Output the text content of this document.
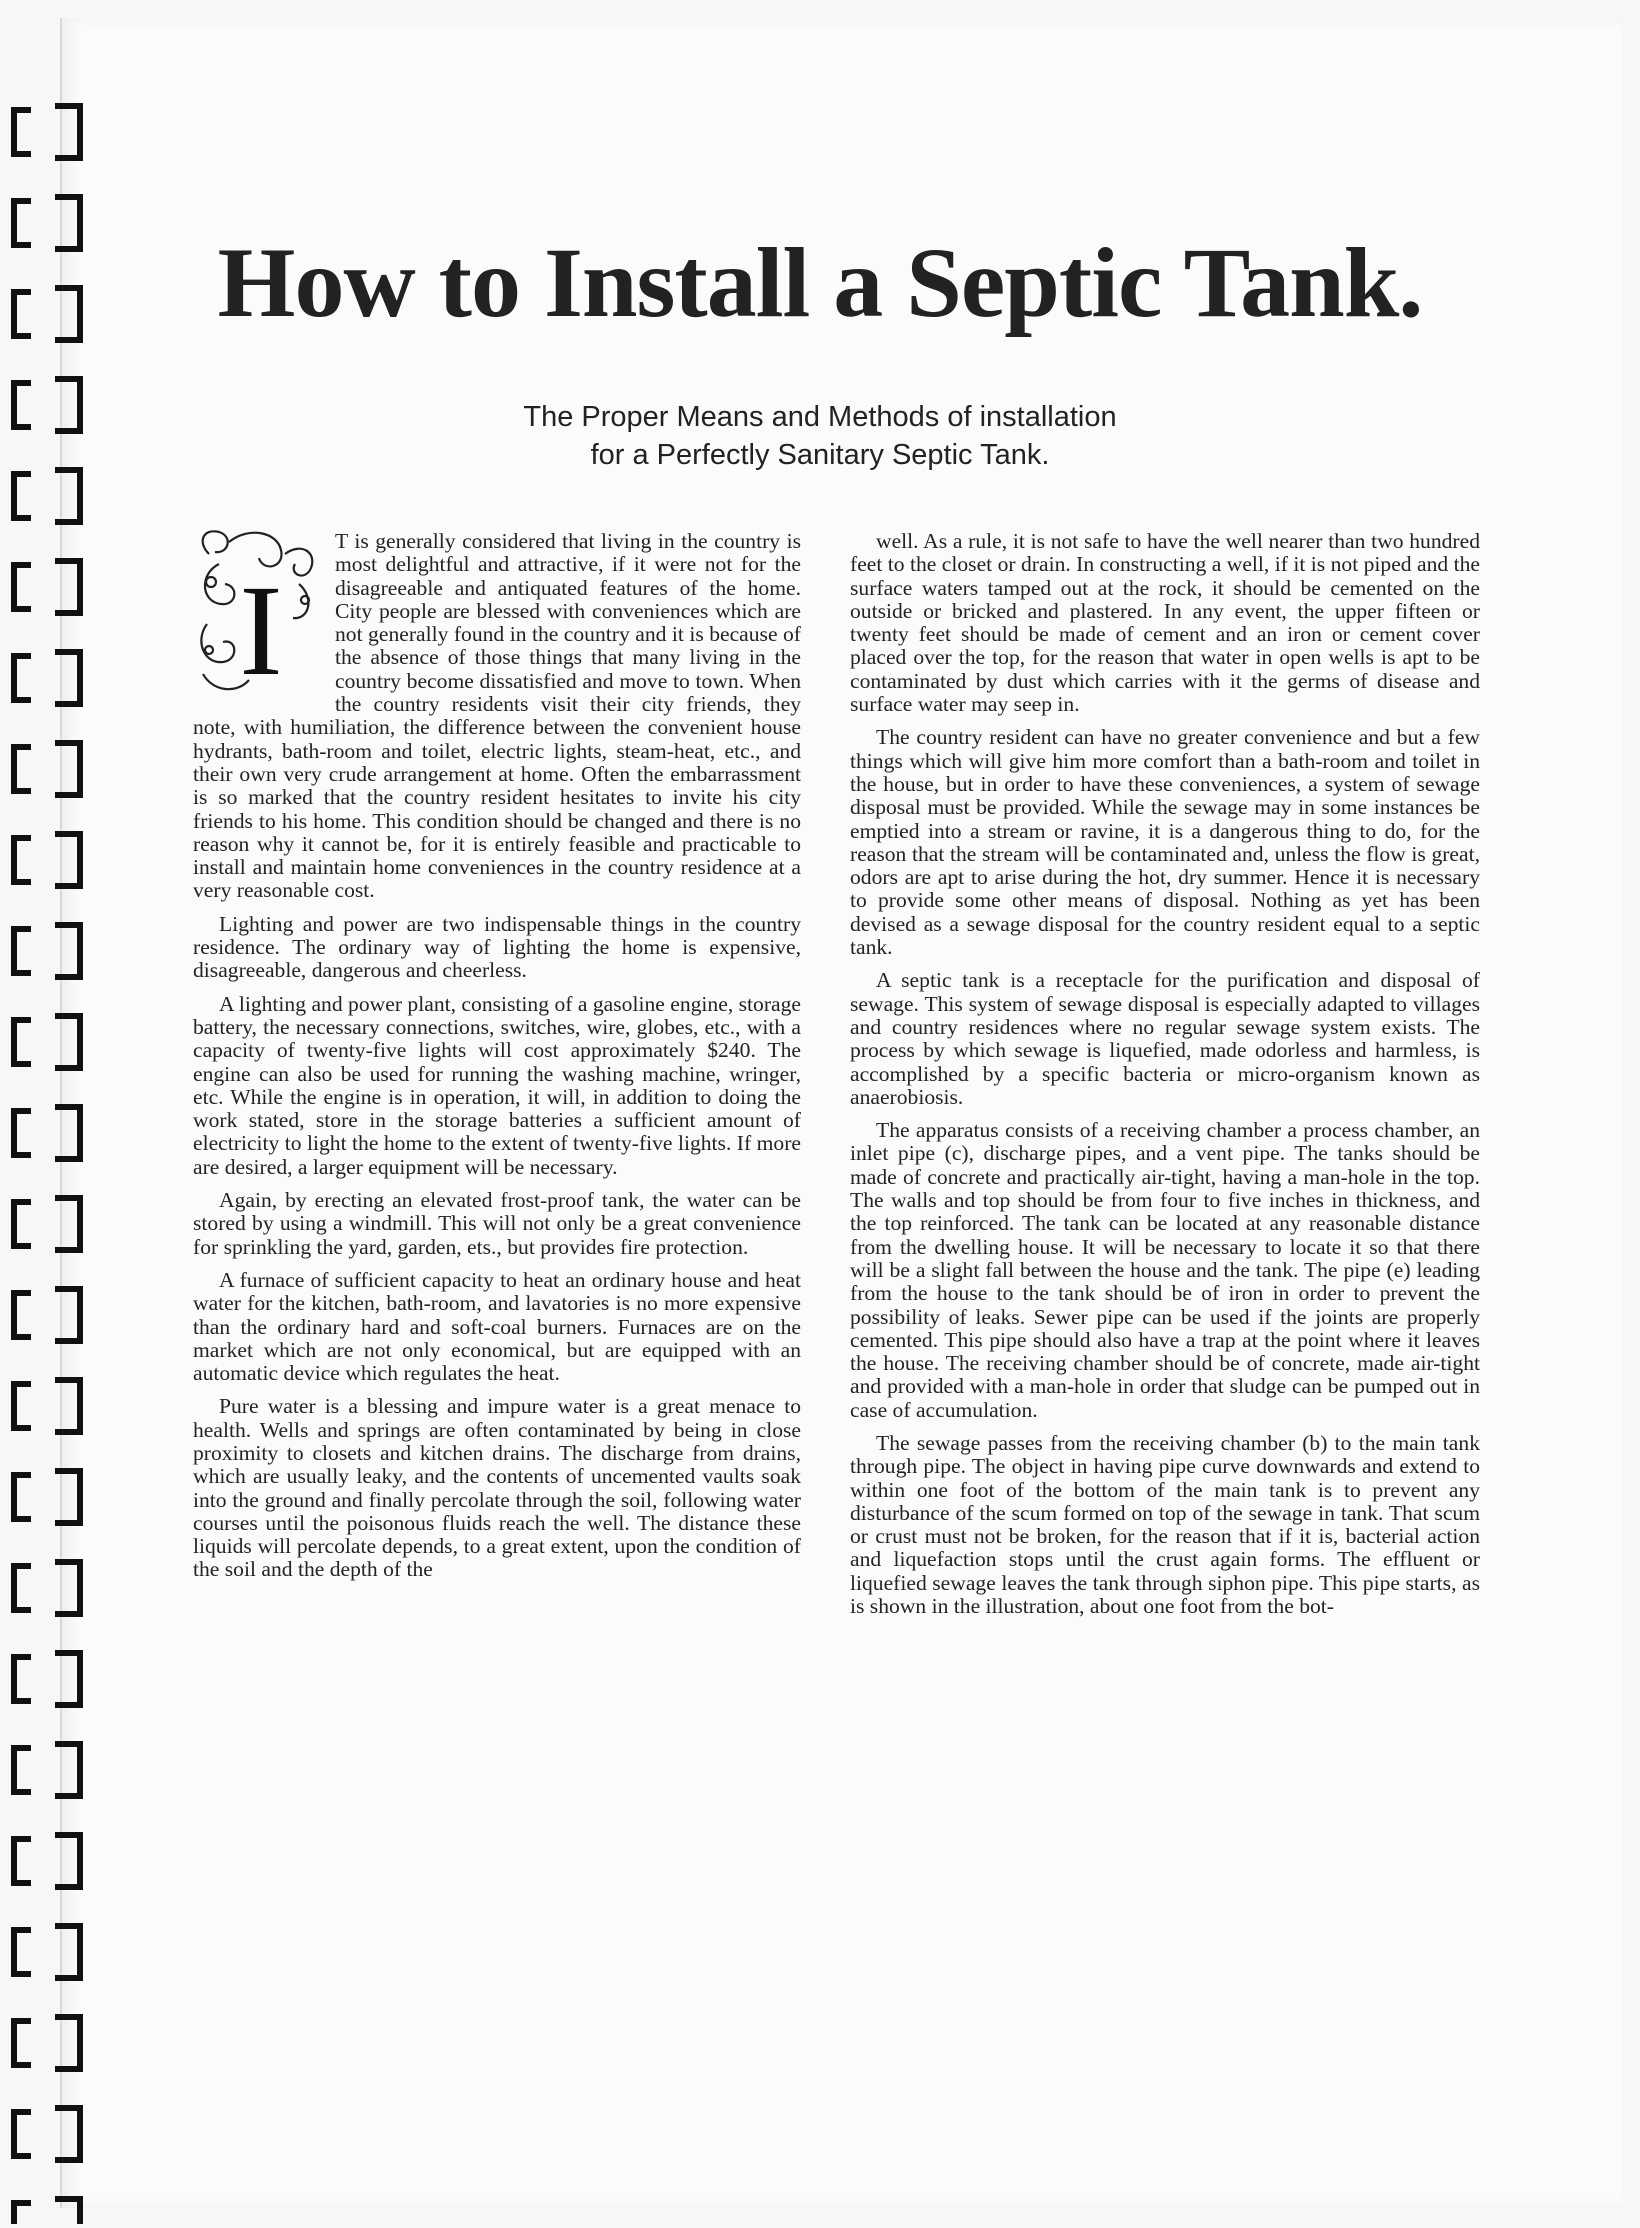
How to Install a Septic Tank.
The Proper Means and Methods of installation
for a Perfectly Sanitary Septic Tank.
I

T is generally considered that living in the country is most delightful and attractive, if it were not for the disagreeable and antiquated features of the home. City people are blessed with conveniences which are not generally found in the country and it is because of the absence of those things that many living in the country become dissatisfied and move to town. When the country residents visit their city friends, they note, with humiliation, the difference between the convenient house hydrants, bath-room and toilet, electric lights, steam-heat, etc., and their own very crude arrangement at home. Often the embarrassment is so marked that the country resident hesitates to invite his city friends to his home. This condition should be changed and there is no reason why it cannot be, for it is entirely feasible and practicable to install and maintain home conveniences in the country residence at a very reasonable cost.

Lighting and power are two indispensable things in the country residence. The ordinary way of lighting the home is expensive, disagreeable, dangerous and cheerless.

A lighting and power plant, consisting of a gasoline engine, storage battery, the necessary connections, switches, wire, globes, etc., with a capacity of twenty-five lights will cost approximately $240. The engine can also be used for running the washing machine, wringer, etc. While the engine is in operation, it will, in addition to doing the work stated, store in the storage batteries a sufficient amount of electricity to light the home to the extent of twenty-five lights. If more are desired, a larger equipment will be necessary.

Again, by erecting an elevated frost-proof tank, the water can be stored by using a windmill. This will not only be a great convenience for sprinkling the yard, garden, ets., but provides fire protection.

A furnace of sufficient capacity to heat an ordinary house and heat water for the kitchen, bath-room, and lavatories is no more expensive than the ordinary hard and soft-coal burners. Furnaces are on the market which are not only economical, but are equipped with an automatic device which regulates the heat.

Pure water is a blessing and impure water is a great menace to health. Wells and springs are often contaminated by being in close proximity to closets and kitchen drains. The discharge from drains, which are usually leaky, and the contents of uncemented vaults soak into the ground and finally percolate through the soil, following water courses until the poisonous fluids reach the well. The distance these liquids will percolate depends, to a great extent, upon the condition of the soil and the depth of the

well. As a rule, it is not safe to have the well nearer than two hundred feet to the closet or drain. In constructing a well, if it is not piped and the surface waters tamped out at the rock, it should be cemented on the outside or bricked and plastered. In any event, the upper fifteen or twenty feet should be made of cement and an iron or cement cover placed over the top, for the reason that water in open wells is apt to be contaminated by dust which carries with it the germs of disease and surface water may seep in.

The country resident can have no greater convenience and but a few things which will give him more comfort than a bath-room and toilet in the house, but in order to have these conveniences, a system of sewage disposal must be provided. While the sewage may in some instances be emptied into a stream or ravine, it is a dangerous thing to do, for the reason that the stream will be contaminated and, unless the flow is great, odors are apt to arise during the hot, dry summer. Hence it is necessary to provide some other means of disposal. Nothing as yet has been devised as a sewage disposal for the country resident equal to a septic tank.

A septic tank is a receptacle for the purification and disposal of sewage. This system of sewage disposal is especially adapted to villages and country residences where no regular sewage system exists. The process by which sewage is liquefied, made odorless and harmless, is accomplished by a specific bacteria or micro-organism known as anaerobiosis.

The apparatus consists of a receiving chamber a process chamber, an inlet pipe (c), discharge pipes, and a vent pipe. The tanks should be made of concrete and practically air-tight, having a man-hole in the top. The walls and top should be from four to five inches in thickness, and the top reinforced. The tank can be located at any reasonable distance from the dwelling house. It will be necessary to locate it so that there will be a slight fall between the house and the tank. The pipe (e) leading from the house to the tank should be of iron in order to prevent the possibility of leaks. Sewer pipe can be used if the joints are properly cemented. This pipe should also have a trap at the point where it leaves the house. The receiving chamber should be of concrete, made air-tight and provided with a man-hole in order that sludge can be pumped out in case of accumulation.

The sewage passes from the receiving chamber (b) to the main tank through pipe. The object in having pipe curve downwards and extend to within one foot of the bottom of the main tank is to prevent any disturbance of the scum formed on top of the sewage in tank. That scum or crust must not be broken, for the reason that if it is, bacterial action and liquefaction stops until the crust again forms. The effluent or liquefied sewage leaves the tank through siphon pipe. This pipe starts, as is shown in the illustration, about one foot from the bot-
